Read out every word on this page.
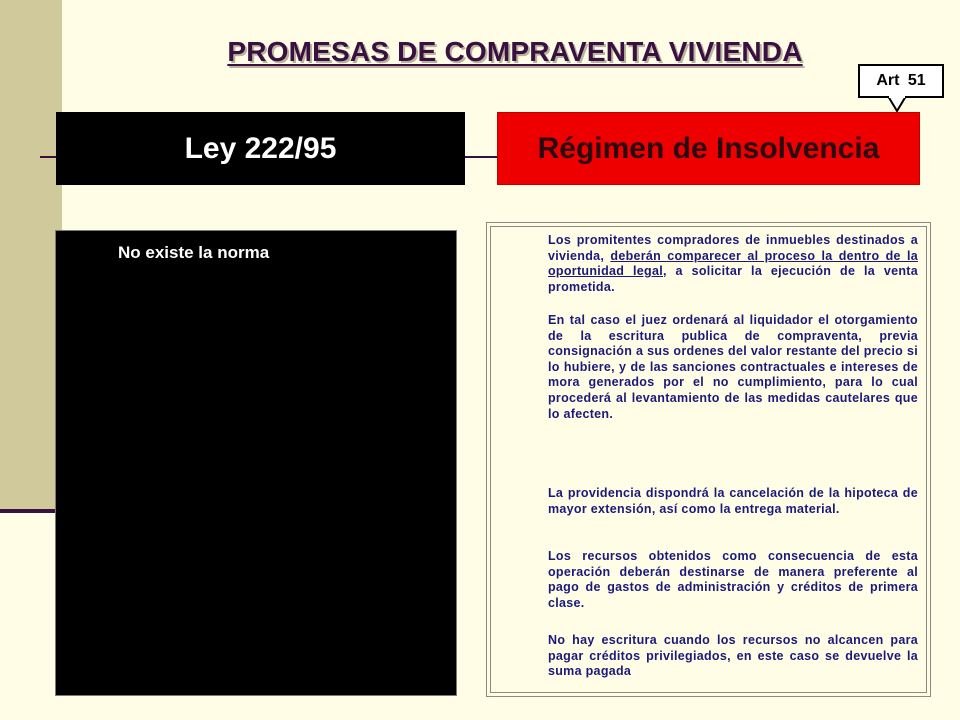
PROMESAS DE COMPRAVENTA VIVIENDA
Art 51
Ley 222/95	Régimen de Insolvencia
No existe la norma
Los promitentes compradores de inmuebles destinados a vivienda, deberán comparecer al proceso la dentro de la oportunidad legal, a solicitar la ejecución de la venta prometida.
En tal caso el juez ordenará al liquidador el otorgamiento de la escritura publica de compraventa, previa consignación a sus ordenes del valor restante del precio si lo hubiere, y de las sanciones contractuales e intereses de mora generados por el no cumplimiento, para lo cual procederá al levantamiento de las medidas cautelares que lo afecten.
La providencia dispondrá la cancelación de la hipoteca de mayor extensión, así como la entrega material.
Los recursos obtenidos como consecuencia de esta operación deberán destinarse de manera preferente al pago de gastos de administración y créditos de primera clase.
No hay escritura cuando los recursos no alcancen para pagar créditos privilegiados, en este caso se devuelve la suma pagada
